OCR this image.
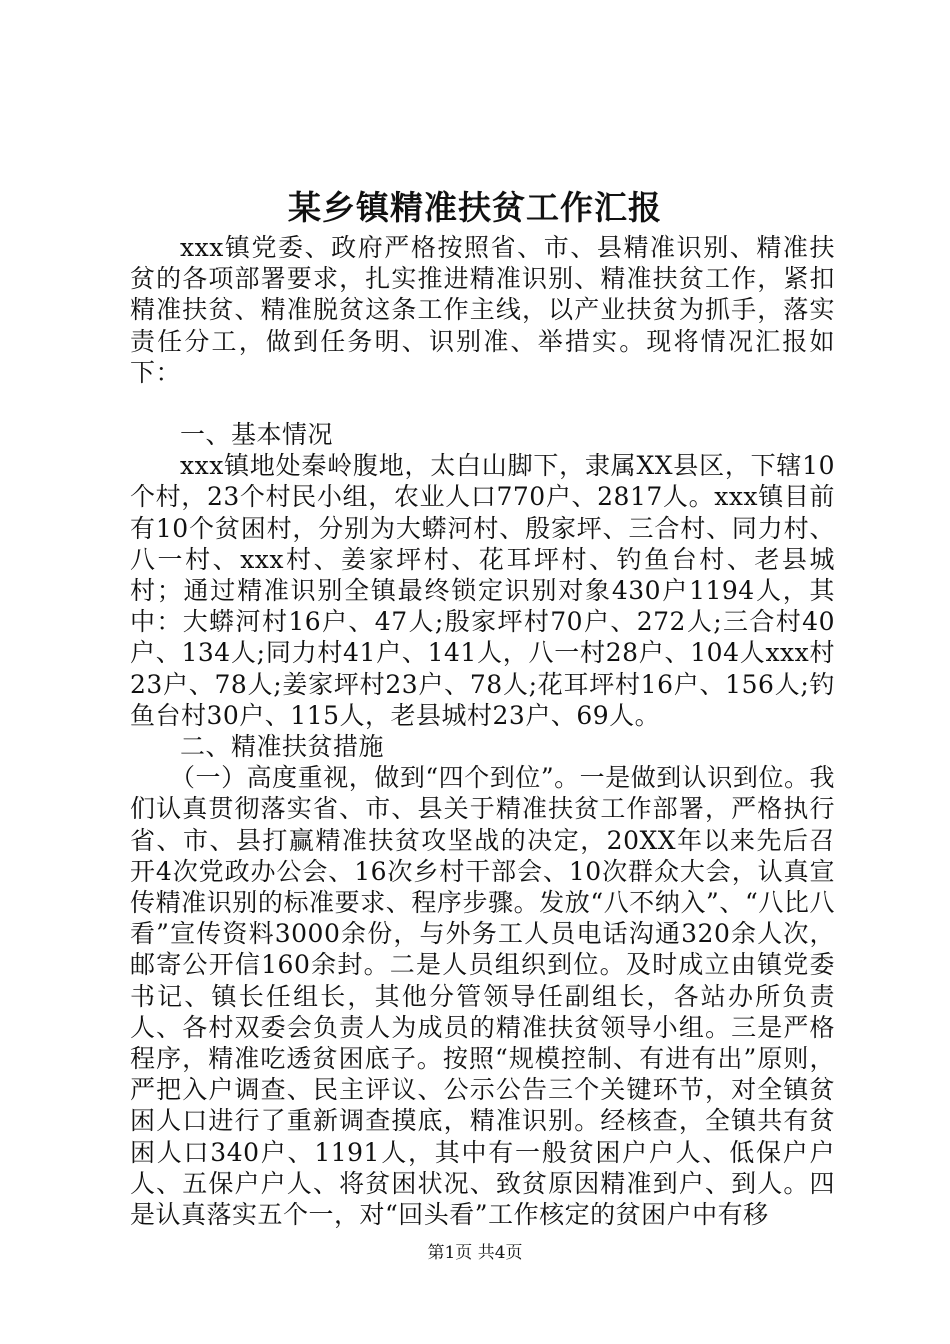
某乡镇精准扶贫工作汇报

xxx镇党委、政府严格按照省、市、县精准识别、精准扶贫的各项部署要求，扎实推进精准识别、精准扶贫工作，紧扣精准扶贫、精准脱贫这条工作主线，以产业扶贫为抓手，落实责任分工，做到任务明、识别准、举措实。现将情况汇报如下：

一、基本情况

xxx镇地处秦岭腹地，太白山脚下，隶属XX县区，下辖10个村，23个村民小组，农业人口770户、2817人。xxx镇目前有10个贫困村，分别为大蟒河村、殷家坪、三合村、同力村、八一村、xxx村、姜家坪村、花耳坪村、钓鱼台村、老县城村；通过精准识别全镇最终锁定识别对象430户1194人，其中：大蟒河村16户、47人;殷家坪村70户、272人;三合村40户、134人;同力村41户、141人，八一村28户、104人xxx村23户、78人;姜家坪村23户、78人;花耳坪村16户、156人;钓鱼台村30户、115人，老县城村23户、69人。

二、精准扶贫措施

（一）高度重视，做到“四个到位”。一是做到认识到位。我们认真贯彻落实省、市、县关于精准扶贫工作部署，严格执行省、市、县打赢精准扶贫攻坚战的决定，20XX年以来先后召开4次党政办公会、16次乡村干部会、10次群众大会，认真宣传精准识别的标准要求、程序步骤。发放“八不纳入”、“八比八看”宣传资料3000余份，与外务工人员电话沟通320余人次，邮寄公开信160余封。二是人员组织到位。及时成立由镇党委书记、镇长任组长，其他分管领导任副组长，各站办所负责人、各村双委会负责人为成员的精准扶贫领导小组。三是严格程序，精准吃透贫困底子。按照“规模控制、有进有出”原则，严把入户调查、民主评议、公示公告三个关键环节，对全镇贫困人口进行了重新调查摸底，精准识别。经核查，全镇共有贫困人口340户、1191人，其中有一般贫困户户人、低保户户人、五保户户人、将贫困状况、致贫原因精准到户、到人。四是认真落实五个一，对“回头看”工作核定的贫困户中有移

第1页 共4页
